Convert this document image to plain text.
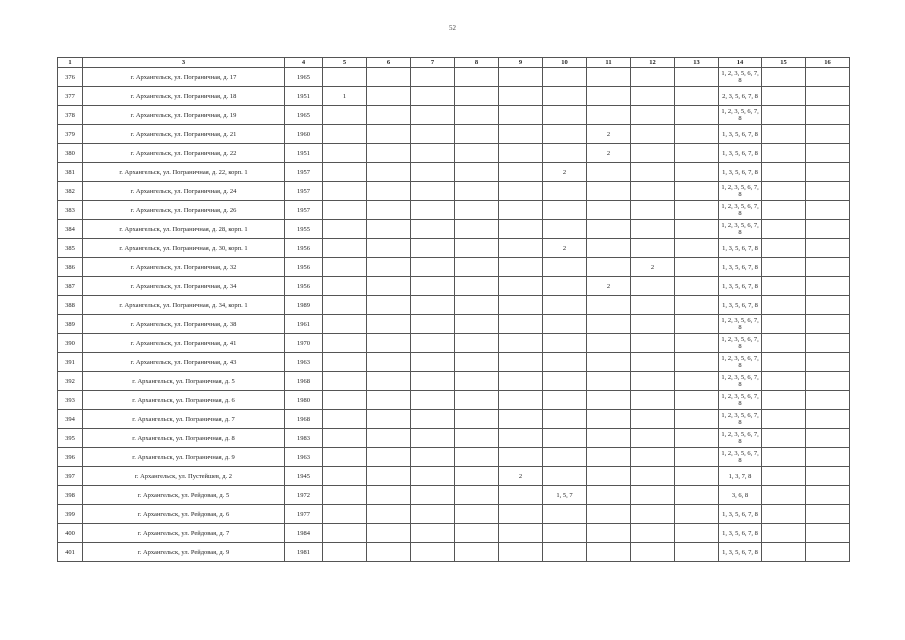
52
1	3	4	5	6	7	8	9	10	11	12	13	14	15	16
376	г. Архангельск, ул. Пограничная, д. 17	1965										1, 2, 3, 5, 6, 7, 8		
377	г. Архангельск, ул. Пограничная, д. 18	1951	1									2, 3, 5, 6, 7, 8		
378	г. Архангельск, ул. Пограничная, д. 19	1965										1, 2, 3, 5, 6, 7, 8		
379	г. Архангельск, ул. Пограничная, д. 21	1960							2			1, 3, 5, 6, 7, 8		
380	г. Архангельск, ул. Пограничная, д. 22	1951							2			1, 3, 5, 6, 7, 8		
381	г. Архангельск, ул. Пограничная, д. 22, корп. 1	1957						2				1, 3, 5, 6, 7, 8		
382	г. Архангельск, ул. Пограничная, д. 24	1957										1, 2, 3, 5, 6, 7, 8		
383	г. Архангельск, ул. Пограничная, д. 26	1957										1, 2, 3, 5, 6, 7, 8		
384	г. Архангельск, ул. Пограничная, д. 28, корп. 1	1955										1, 2, 3, 5, 6, 7, 8		
385	г. Архангельск, ул. Пограничная, д. 30, корп. 1	1956						2				1, 3, 5, 6, 7, 8		
386	г. Архангельск, ул. Пограничная, д. 32	1956								2		1, 3, 5, 6, 7, 8		
387	г. Архангельск, ул. Пограничная, д. 34	1956							2			1, 3, 5, 6, 7, 8		
388	г. Архангельск, ул. Пограничная, д. 34, корп. 1	1989										1, 3, 5, 6, 7, 8		
389	г. Архангельск, ул. Пограничная, д. 38	1961										1, 2, 3, 5, 6, 7, 8		
390	г. Архангельск, ул. Пограничная, д. 41	1970										1, 2, 3, 5, 6, 7, 8		
391	г. Архангельск, ул. Пограничная, д. 43	1963										1, 2, 3, 5, 6, 7, 8		
392	г. Архангельск, ул. Пограничная, д. 5	1968										1, 2, 3, 5, 6, 7, 8		
393	г. Архангельск, ул. Пограничная, д. 6	1980										1, 2, 3, 5, 6, 7, 8		
394	г. Архангельск, ул. Пограничная, д. 7	1968										1, 2, 3, 5, 6, 7, 8		
395	г. Архангельск, ул. Пограничная, д. 8	1983										1, 2, 3, 5, 6, 7, 8		
396	г. Архангельск, ул. Пограничная, д. 9	1963										1, 2, 3, 5, 6, 7, 8		
397	г. Архангельск, ул. Пустейшев, д. 2	1945					2					1, 3, 7, 8		
398	г. Архангельск, ул. Рейдовая, д. 5	1972						1, 5, 7				3, 6, 8		
399	г. Архангельск, ул. Рейдовая, д. 6	1977										1, 3, 5, 6, 7, 8		
400	г. Архангельск, ул. Рейдовая, д. 7	1984										1, 3, 5, 6, 7, 8		
401	г. Архангельск, ул. Рейдовая, д. 9	1981										1, 3, 5, 6, 7, 8		
